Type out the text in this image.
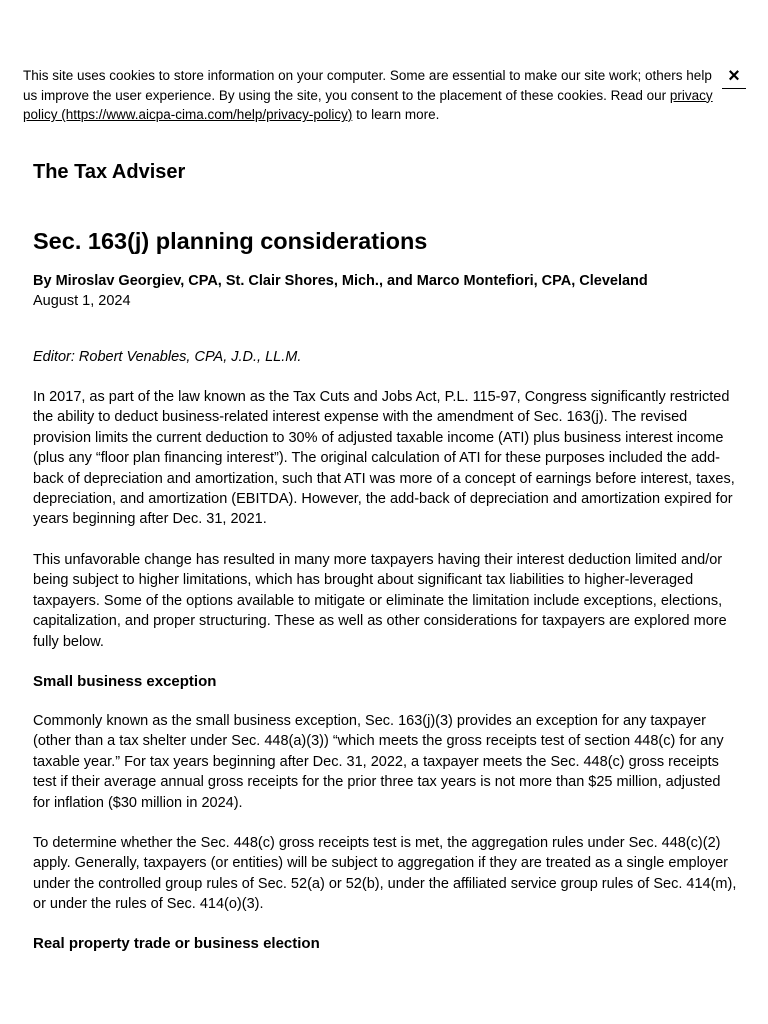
This site uses cookies to store information on your computer. Some are essential to make our site work; others help us improve the user experience. By using the site, you consent to the placement of these cookies. Read our privacy policy (https://www.aicpa-cima.com/help/privacy-policy) to learn more.
×
The Tax Adviser
Sec. 163(j) planning considerations

By Miroslav Georgiev, CPA, St. Clair Shores, Mich., and Marco Montefiori, CPA, Cleveland

August 1, 2024

Editor: Robert Venables, CPA, J.D., LL.M.

In 2017, as part of the law known as the Tax Cuts and Jobs Act, P.L. 115-97, Congress significantly restricted the ability to deduct business-related interest expense with the amendment of Sec. 163(j). The revised provision limits the current deduction to 30% of adjusted taxable income (ATI) plus business interest income (plus any “floor plan financing interest”). The original calculation of ATI for these purposes included the add-back of depreciation and amortization, such that ATI was more of a concept of earnings before interest, taxes, depreciation, and amortization (EBITDA). However, the add-back of depreciation and amortization expired for years beginning after Dec. 31, 2021.

This unfavorable change has resulted in many more taxpayers having their interest deduction limited and/or being subject to higher limitations, which has brought about significant tax liabilities to higher-leveraged taxpayers. Some of the options available to mitigate or eliminate the limitation include exceptions, elections, capitalization, and proper structuring. These as well as other considerations for taxpayers are explored more fully below.

Small business exception

Commonly known as the small business exception, Sec. 163(j)(3) provides an exception for any taxpayer (other than a tax shelter under Sec. 448(a)(3)) “which meets the gross receipts test of section 448(c) for any taxable year.” For tax years beginning after Dec. 31, 2022, a taxpayer meets the Sec. 448(c) gross receipts test if their average annual gross receipts for the prior three tax years is not more than $25 million, adjusted for inflation ($30 million in 2024).

To determine whether the Sec. 448(c) gross receipts test is met, the aggregation rules under Sec. 448(c)(2) apply. Generally, taxpayers (or entities) will be subject to aggregation if they are treated as a single employer under the controlled group rules of Sec. 52(a) or 52(b), under the affiliated service group rules of Sec. 414(m), or under the rules of Sec. 414(o)(3).

Real property trade or business election
